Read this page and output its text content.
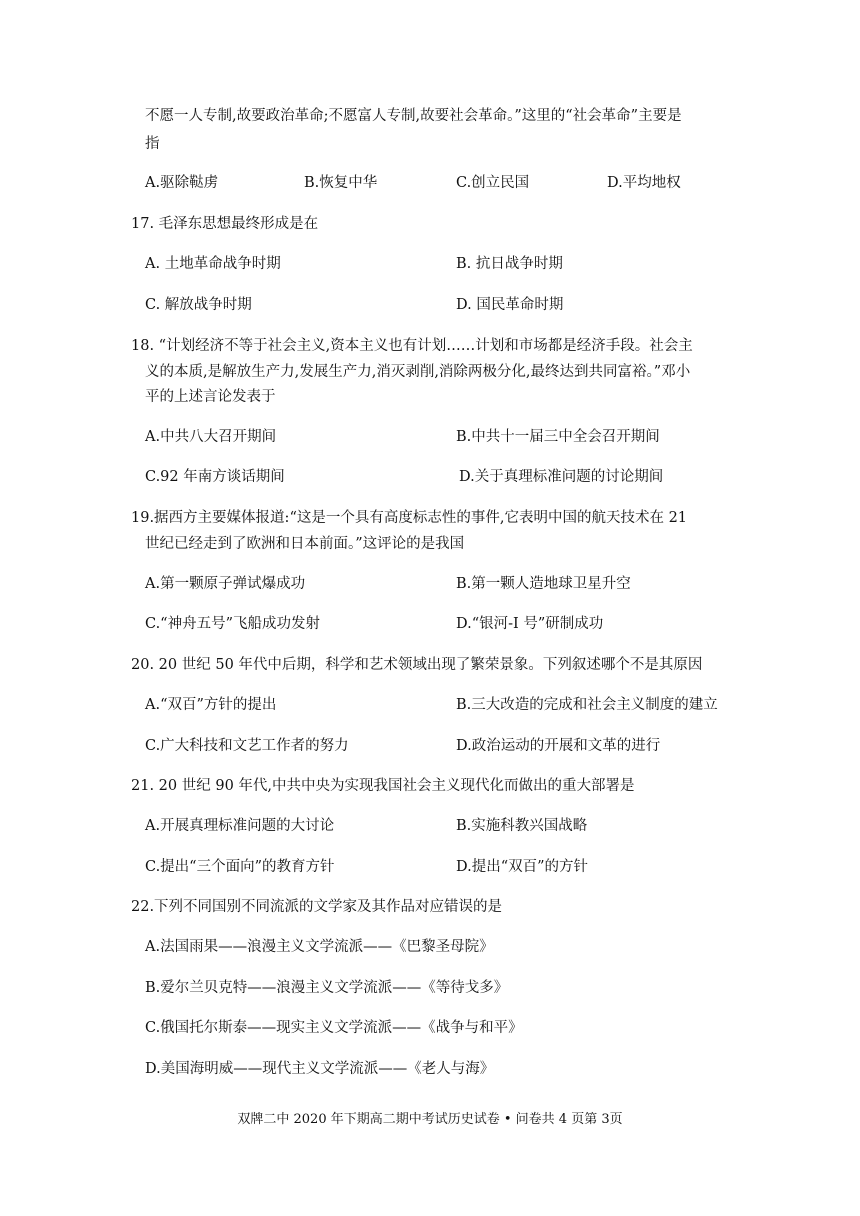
不愿一人专制,故要政治革命;不愿富人专制,故要社会革命。”这里的“社会革命”主要是
指
A.驱除鞑虏	B.恢复中华	C.创立民国	D.平均地权
17. 毛泽东思想最终形成是在
A. 土地革命战争时期	B. 抗日战争时期
C. 解放战争时期	D. 国民革命时期
18. “计划经济不等于社会主义,资本主义也有计划……计划和市场都是经济手段。社会主
义的本质,是解放生产力,发展生产力,消灭剥削,消除两极分化,最终达到共同富裕。”邓小
平的上述言论发表于
A.中共八大召开期间	B.中共十一届三中全会召开期间
C.92 年南方谈话期间	D.关于真理标准问题的讨论期间
19.据西方主要媒体报道:“这是一个具有高度标志性的事件,它表明中国的航天技术在 21
世纪已经走到了欧洲和日本前面。”这评论的是我国
A.第一颗原子弹试爆成功	B.第一颗人造地球卫星升空
C.“神舟五号”飞船成功发射	D.“银河-I 号”研制成功
20. 20 世纪 50 年代中后期，科学和艺术领域出现了繁荣景象。下列叙述哪个不是其原因
A.“双百”方针的提出	B.三大改造的完成和社会主义制度的建立
C.广大科技和文艺工作者的努力	D.政治运动的开展和文革的进行
21. 20 世纪 90 年代,中共中央为实现我国社会主义现代化而做出的重大部署是
A.开展真理标准问题的大讨论	B.实施科教兴国战略
C.提出“三个面向”的教育方针	D.提出“双百”的方针
22.下列不同国别不同流派的文学家及其作品对应错误的是
A.法国雨果——浪漫主义文学流派——《巴黎圣母院》
B.爱尔兰贝克特——浪漫主义文学流派——《等待戈多》
C.俄国托尔斯泰——现实主义文学流派——《战争与和平》
D.美国海明威——现代主义文学流派——《老人与海》
双牌二中 2020 年下期高二期中考试历史试卷 • 问卷共 4 页第 3页
